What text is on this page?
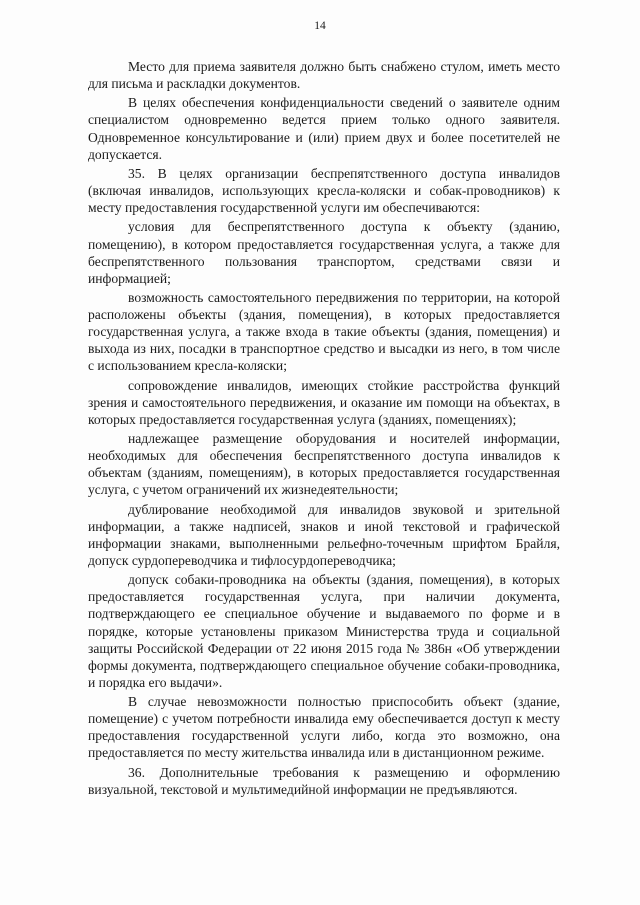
14

Место для приема заявителя должно быть снабжено стулом, иметь место для письма и раскладки документов.

В целях обеспечения конфиденциальности сведений о заявителе одним специалистом одновременно ведется прием только одного заявителя. Одновременное консультирование и (или) прием двух и более посетителей не допускается.

35. В целях организации беспрепятственного доступа инвалидов (включая инвалидов, использующих кресла-коляски и собак-проводников) к месту предоставления государственной услуги им обеспечиваются:

условия для беспрепятственного доступа к объекту (зданию, помещению), в котором предоставляется государственная услуга, а также для беспрепятственного пользования транспортом, средствами связи и информацией;

возможность самостоятельного передвижения по территории, на которой расположены объекты (здания, помещения), в которых предоставляется государственная услуга, а также входа в такие объекты (здания, помещения) и выхода из них, посадки в транспортное средство и высадки из него, в том числе с использованием кресла-коляски;

сопровождение инвалидов, имеющих стойкие расстройства функций зрения и самостоятельного передвижения, и оказание им помощи на объектах, в которых предоставляется государственная услуга (зданиях, помещениях);

надлежащее размещение оборудования и носителей информации, необходимых для обеспечения беспрепятственного доступа инвалидов к объектам (зданиям, помещениям), в которых предоставляется государственная услуга, с учетом ограничений их жизнедеятельности;

дублирование необходимой для инвалидов звуковой и зрительной информации, а также надписей, знаков и иной текстовой и графической информации знаками, выполненными рельефно-точечным шрифтом Брайля, допуск сурдопереводчика и тифлосурдопереводчика;

допуск собаки-проводника на объекты (здания, помещения), в которых предоставляется государственная услуга, при наличии документа, подтверждающего ее специальное обучение и выдаваемого по форме и в порядке, которые установлены приказом Министерства труда и социальной защиты Российской Федерации от 22 июня 2015 года № 386н «Об утверждении формы документа, подтверждающего специальное обучение собаки-проводника, и порядка его выдачи».

В случае невозможности полностью приспособить объект (здание, помещение) с учетом потребности инвалида ему обеспечивается доступ к месту предоставления государственной услуги либо, когда это возможно, она предоставляется по месту жительства инвалида или в дистанционном режиме.

36. Дополнительные требования к размещению и оформлению визуальной, текстовой и мультимедийной информации не предъявляются.
